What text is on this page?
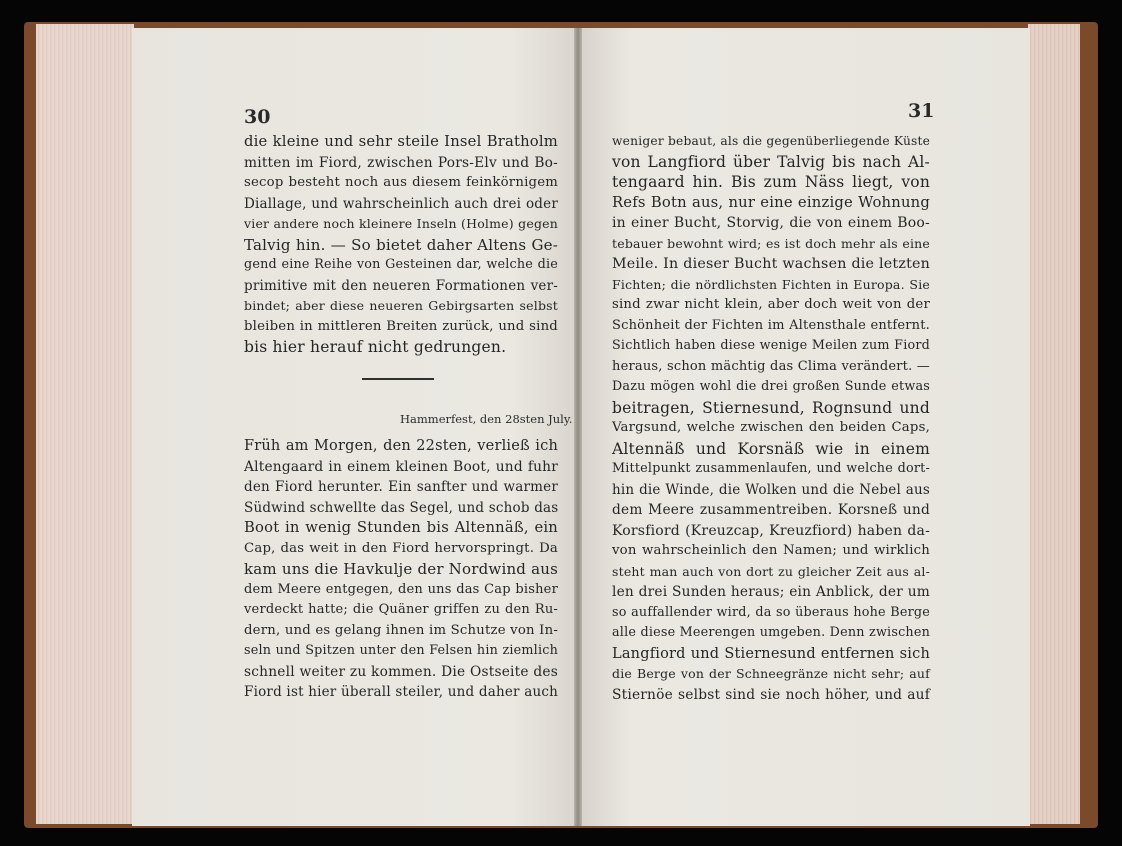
30	31
die kleine und sehr steile Insel Bratholm
mitten im Fiord, zwischen Pors-Elv und Bo-
secop besteht noch aus diesem feinkörnigem
Diallage, und wahrscheinlich auch drei oder
vier andere noch kleinere Inseln (Holme) gegen
Talvig hin. — So bietet daher Altens Ge-
gend eine Reihe von Gesteinen dar, welche die
primitive mit den neueren Formationen ver-
bindet; aber diese neueren Gebirgsarten selbst
bleiben in mittleren Breiten zurück, und sind
bis hier herauf nicht gedrungen.
Hammerfest, den 28sten July.
Früh am Morgen, den 22sten, verließ ich
Altengaard in einem kleinen Boot, und fuhr
den Fiord herunter. Ein sanfter und warmer
Südwind schwellte das Segel, und schob das
Boot in wenig Stunden bis Altennäß, ein
Cap, das weit in den Fiord hervorspringt. Da
kam uns die Havkulje der Nordwind aus
dem Meere entgegen, den uns das Cap bisher
verdeckt hatte; die Quäner griffen zu den Ru-
dern, und es gelang ihnen im Schutze von In-
seln und Spitzen unter den Felsen hin ziemlich
schnell weiter zu kommen. Die Ostseite des
Fiord ist hier überall steiler, und daher auch
weniger bebaut, als die gegenüberliegende Küste
von Langfiord über Talvig bis nach Al-
tengaard hin. Bis zum Näss liegt, von
Refs Botn aus, nur eine einzige Wohnung
in einer Bucht, Storvig, die von einem Boo-
tebauer bewohnt wird; es ist doch mehr als eine
Meile. In dieser Bucht wachsen die letzten
Fichten; die nördlichsten Fichten in Europa. Sie
sind zwar nicht klein, aber doch weit von der
Schönheit der Fichten im Altensthale entfernt.
Sichtlich haben diese wenige Meilen zum Fiord
heraus, schon mächtig das Clima verändert. —
Dazu mögen wohl die drei großen Sunde etwas
beitragen, Stiernesund, Rognsund und
Vargsund, welche zwischen den beiden Caps,
Altennäß und Korsnäß wie in einem
Mittelpunkt zusammenlaufen, und welche dort-
hin die Winde, die Wolken und die Nebel aus
dem Meere zusammentreiben. Korsneß und
Korsfiord (Kreuzcap, Kreuzfiord) haben da-
von wahrscheinlich den Namen; und wirklich
steht man auch von dort zu gleicher Zeit aus al-
len drei Sunden heraus; ein Anblick, der um
so auffallender wird, da so überaus hohe Berge
alle diese Meerengen umgeben. Denn zwischen
Langfiord und Stiernesund entfernen sich
die Berge von der Schneegränze nicht sehr; auf
Stiernöe selbst sind sie noch höher, und auf
